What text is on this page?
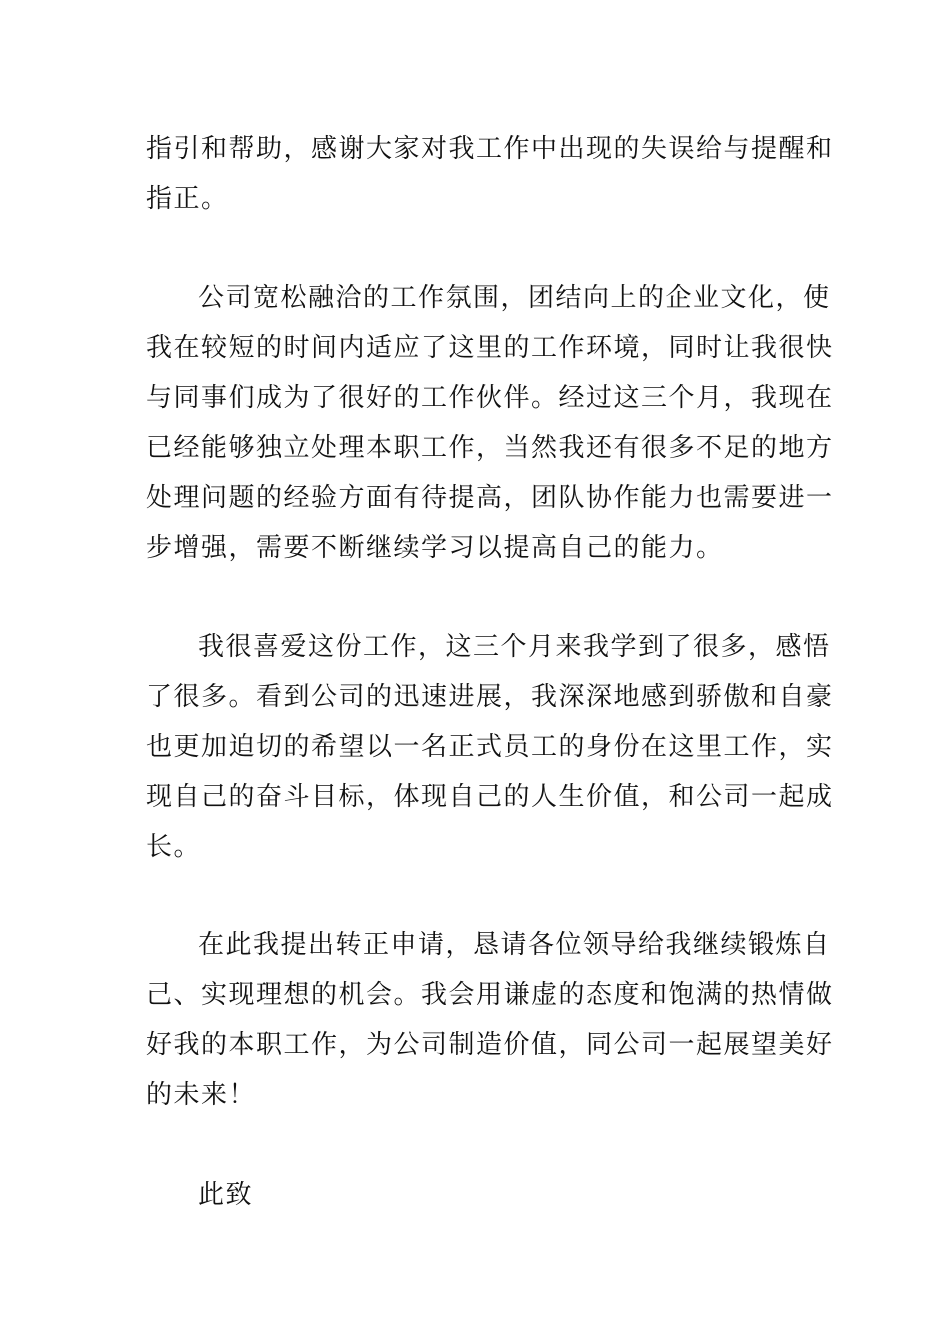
指引和帮助，感谢大家对我工作中出现的失误给与提醒和
指正。
公司宽松融洽的工作氛围，团结向上的企业文化，使
我在较短的时间内适应了这里的工作环境，同时让我很快
与同事们成为了很好的工作伙伴。经过这三个月，我现在
已经能够独立处理本职工作，当然我还有很多不足的地方
处理问题的经验方面有待提高，团队协作能力也需要进一
步增强，需要不断继续学习以提高自己的能力。
我很喜爱这份工作，这三个月来我学到了很多，感悟
了很多。看到公司的迅速进展，我深深地感到骄傲和自豪
也更加迫切的希望以一名正式员工的身份在这里工作，实
现自己的奋斗目标，体现自己的人生价值，和公司一起成
长。
在此我提出转正申请，恳请各位领导给我继续锻炼自
己、实现理想的机会。我会用谦虚的态度和饱满的热情做
好我的本职工作，为公司制造价值，同公司一起展望美好
的未来！
此致
